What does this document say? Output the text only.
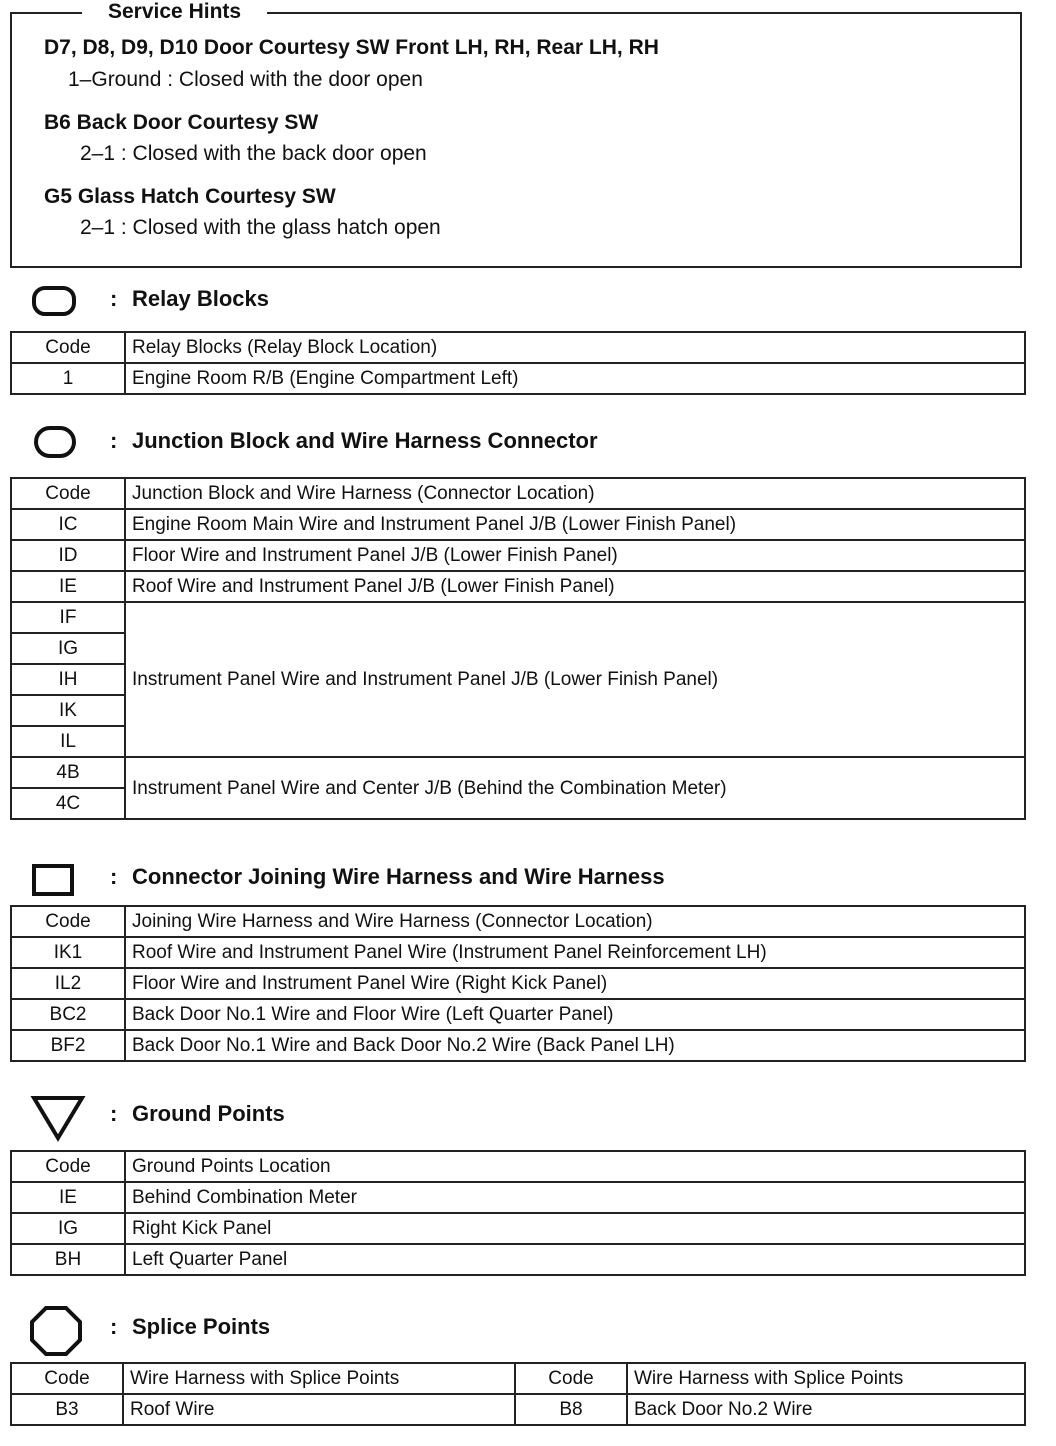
Service Hints
D7, D8, D9, D10 Door Courtesy SW Front LH, RH, Rear LH, RH
1–Ground : Closed with the door open
B6 Back Door Courtesy SW
2–1 : Closed with the back door open
G5 Glass Hatch Courtesy SW
2–1 : Closed with the glass hatch open
: Relay Blocks
Code	Relay Blocks (Relay Block Location)
1	Engine Room R/B (Engine Compartment Left)
: Junction Block and Wire Harness Connector
Code	Junction Block and Wire Harness (Connector Location)
IC	Engine Room Main Wire and Instrument Panel J/B (Lower Finish Panel)
ID	Floor Wire and Instrument Panel J/B (Lower Finish Panel)
IE	Roof Wire and Instrument Panel J/B (Lower Finish Panel)
IF	Instrument Panel Wire and Instrument Panel J/B (Lower Finish Panel)
IG	
IH	
IK	
IL	
4B	Instrument Panel Wire and Center J/B (Behind the Combination Meter)
4C	
: Connector Joining Wire Harness and Wire Harness
Code	Joining Wire Harness and Wire Harness (Connector Location)
IK1	Roof Wire and Instrument Panel Wire (Instrument Panel Reinforcement LH)
IL2	Floor Wire and Instrument Panel Wire (Right Kick Panel)
BC2	Back Door No.1 Wire and Floor Wire (Left Quarter Panel)
BF2	Back Door No.1 Wire and Back Door No.2 Wire (Back Panel LH)
: Ground Points
Code	Ground Points Location
IE	Behind Combination Meter
IG	Right Kick Panel
BH	Left Quarter Panel
: Splice Points
Code	Wire Harness with Splice Points	Code	Wire Harness with Splice Points
B3	Roof Wire	B8	Back Door No.2 Wire
